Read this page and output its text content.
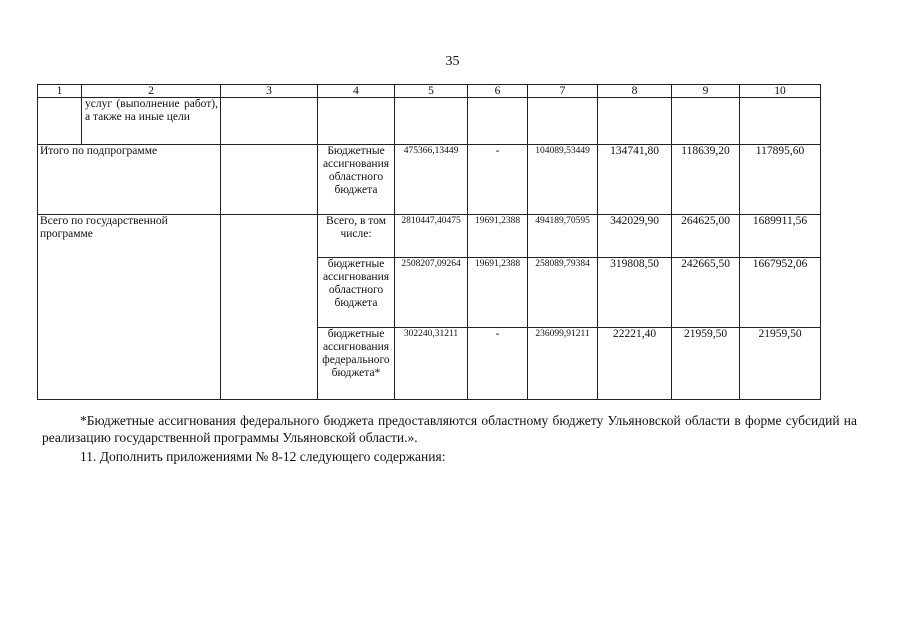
35
1	2	3	4	5	6	7	8	9	10
	услуг (выполнение работ), а также на иные цели								
Итого по подпрограмме			Бюджетные ассигнования областного бюджета	475366,13449	-	104089,53449	134741,80	118639,20	117895,60
Всего по государственной программе			Всего, в том числе:	2810447,40475	19691,2388	494189,70595	342029,90	264625,00	1689911,56
			бюджетные ассигнования областного бюджета	2508207,09264	19691,2388	258089,79384	319808,50	242665,50	1667952,06
			бюджетные ассигнования федерального бюджета*	302240,31211	-	236099,91211	22221,40	21959,50	21959,50
*Бюджетные ассигнования федерального бюджета предоставляются областному бюджету Ульяновской области в форме субсидий на реализацию государственной программы Ульяновской области.».
11. Дополнить приложениями № 8-12 следующего содержания:
